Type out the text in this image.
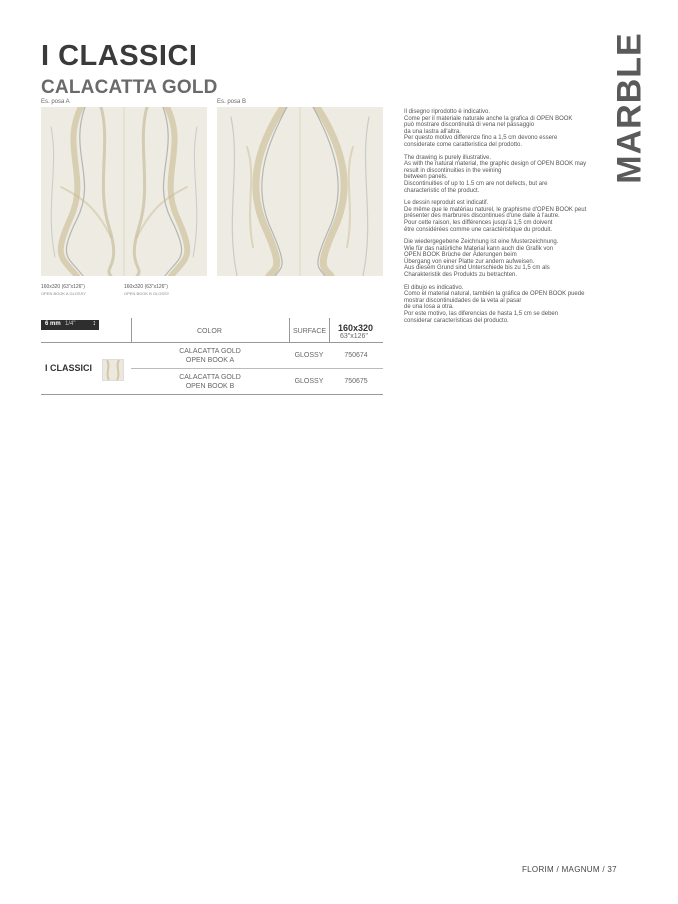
I CLASSICI
CALACATTA GOLD	MARBLE
Es. posa A
160x320 (63"x126")
OPEN BOOK A GLOSSY
Es. posa B
160x320 (63"x126")
OPEN BOOK B GLOSSY

Il disegno riprodotto è indicativo.
Come per il materiale naturale anche la grafica di OPEN BOOK
può mostrare discontinuità di vena nel passaggio
da una lastra all'altra.
Per questo motivo differenze fino a 1,5 cm devono essere
considerate come caratteristica del prodotto.

The drawing is purely illustrative.
As with the natural material, the graphic design of OPEN BOOK may
result in discontinuities in the veining
between panels.
Discontinuities of up to 1.5 cm are not defects, but are
characteristic of the product.

Le dessin reproduit est indicatif.
De même que le matériau naturel, le graphisme d'OPEN BOOK peut
présenter des marbrures discontinues d'une dalle à l'autre.
Pour cette raison, les différences jusqu'à 1,5 cm doivent
être considérées comme une caractéristique du produit.

Die wiedergegebene Zeichnung ist eine Musterzeichnung.
Wie für das natürliche Material kann auch die Grafik von
OPEN BOOK Brüche der Äderungen beim
Übergang von einer Platte zur andern aufweisen.
Aus diesem Grund sind Unterschiede bis zu 1,5 cm als
Charakteristik des Produkts zu betrachten.

El dibujo es indicativo.
Como el material natural, también la gráfica de OPEN BOOK puede
mostrar discontinuidades de la veta al pasar
de una losa a otra.
Por este motivo, las diferencias de hasta 1,5 cm se deben
considerar características del producto.

6 mm 1/4" ↕
COLOR	SURFACE 160x320
63"x126"
I CLASSICI
CALACATTA GOLD
OPEN BOOK A
GLOSSY	750674
CALACATTA GOLD
OPEN BOOK B
GLOSSY	750675
FLORIM / MAGNUM / 37
